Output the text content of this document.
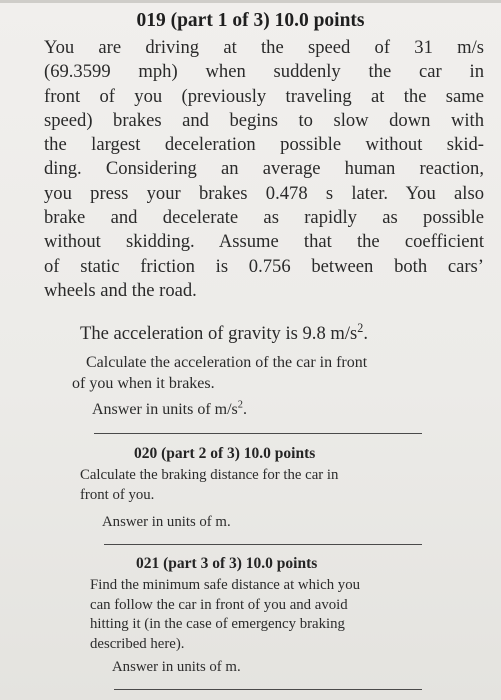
019 (part 1 of 3) 10.0 points
You are driving at the speed of 31 m/s
(69.3599 mph) when suddenly the car in
front of you (previously traveling at the same
speed) brakes and begins to slow down with
the largest deceleration possible without skid-
ding. Considering an average human reaction,
you press your brakes 0.478 s later. You also
brake and decelerate as rapidly as possible
without skidding. Assume that the coefficient
of static friction is 0.756 between both cars’
wheels and the road.
The acceleration of gravity is 9.8 $m/s^2$.
Calculate the acceleration of the car in front
of you when it brakes.
Answer in units of $m/s^2$.
020 (part 2 of 3) 10.0 points
Calculate the braking distance for the car in
front of you.
Answer in units of m.
021 (part 3 of 3) 10.0 points
Find the minimum safe distance at which you
can follow the car in front of you and avoid
hitting it (in the case of emergency braking
described here).
Answer in units of m.
